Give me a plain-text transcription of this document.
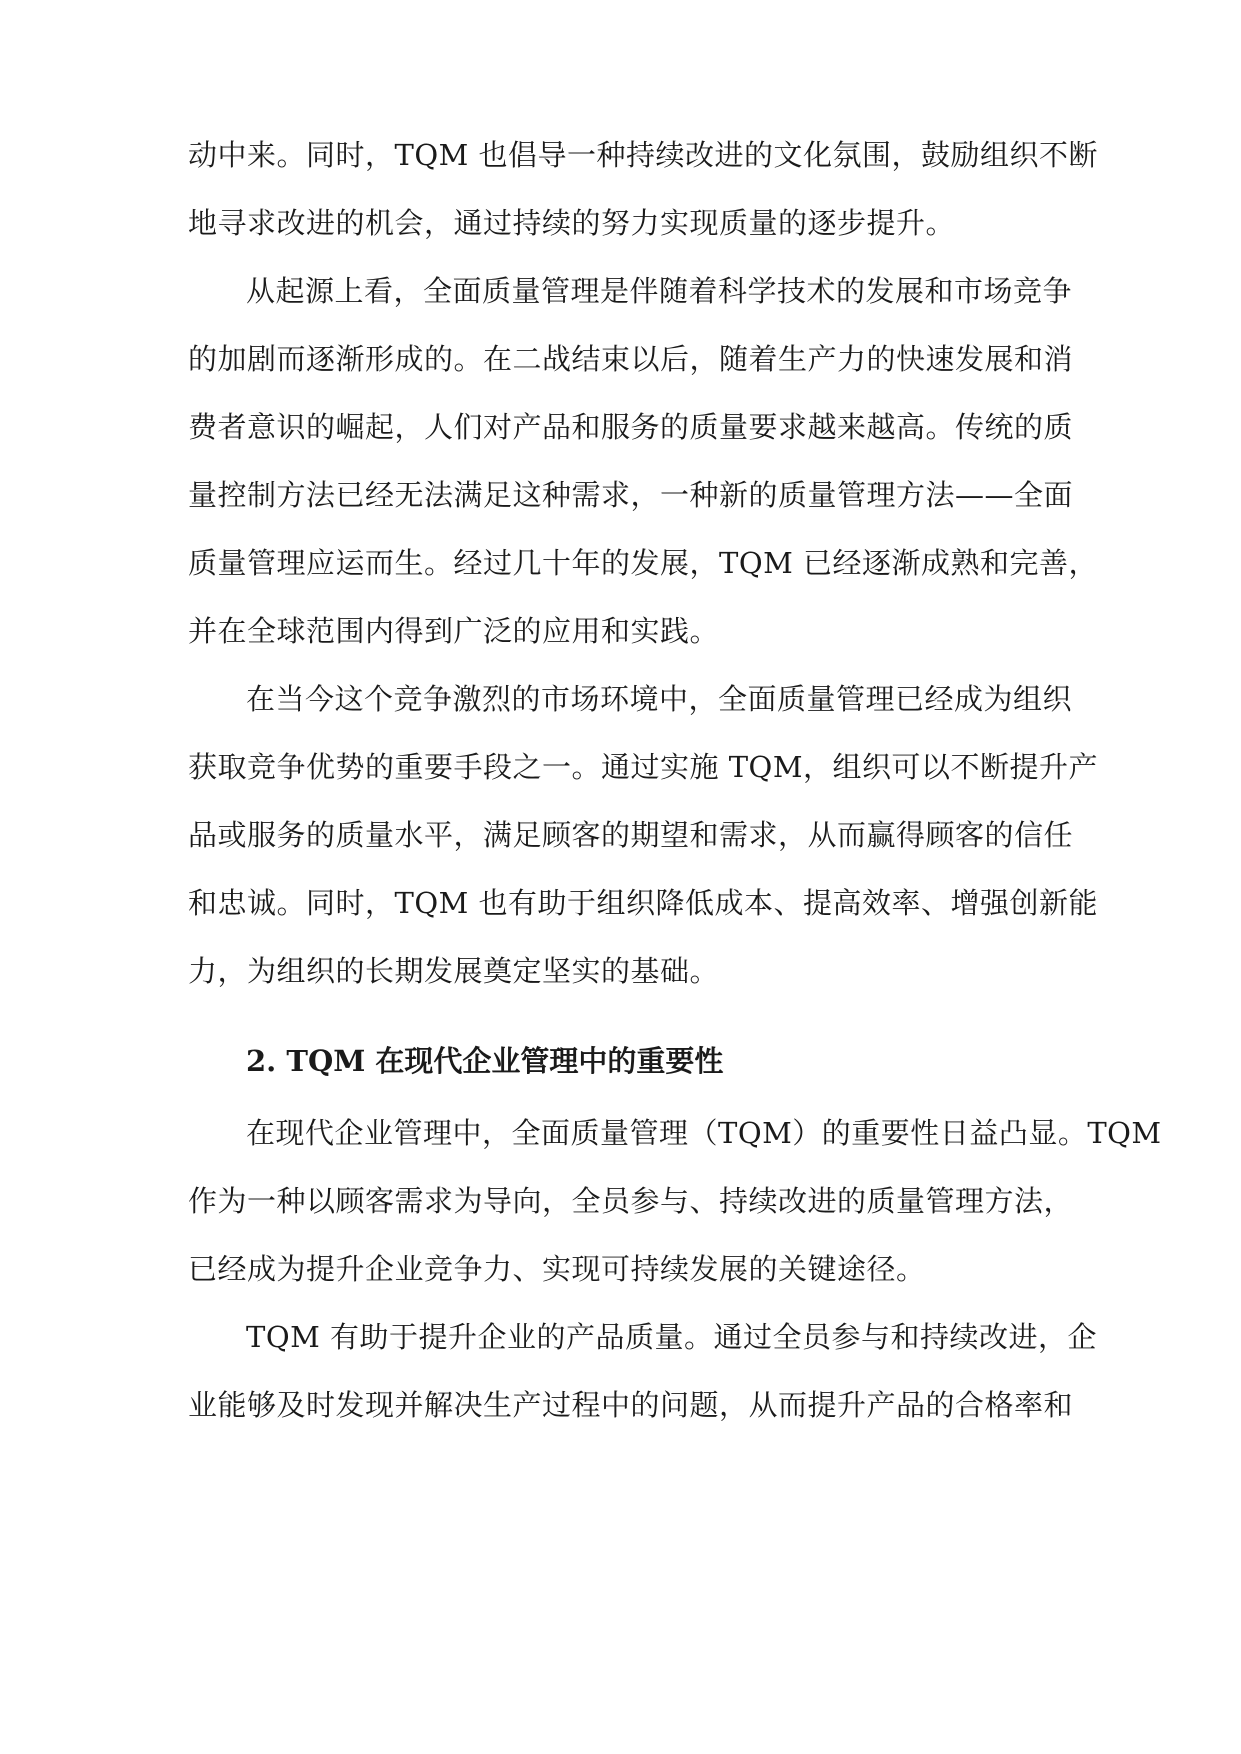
动中来。同时，TQM 也倡导一种持续改进的文化氛围，鼓励组织不断

地寻求改进的机会，通过持续的努力实现质量的逐步提升。

从起源上看，全面质量管理是伴随着科学技术的发展和市场竞争

的加剧而逐渐形成的。在二战结束以后，随着生产力的快速发展和消

费者意识的崛起，人们对产品和服务的质量要求越来越高。传统的质

量控制方法已经无法满足这种需求，一种新的质量管理方法——全面

质量管理应运而生。经过几十年的发展，TQM 已经逐渐成熟和完善，

并在全球范围内得到广泛的应用和实践。

在当今这个竞争激烈的市场环境中，全面质量管理已经成为组织

获取竞争优势的重要手段之一。通过实施 TQM，组织可以不断提升产

品或服务的质量水平，满足顾客的期望和需求，从而赢得顾客的信任

和忠诚。同时，TQM 也有助于组织降低成本、提高效率、增强创新能

力，为组织的长期发展奠定坚实的基础。

2. TQM 在现代企业管理中的重要性

在现代企业管理中，全面质量管理（TQM）的重要性日益凸显。TQM

作为一种以顾客需求为导向，全员参与、持续改进的质量管理方法，

已经成为提升企业竞争力、实现可持续发展的关键途径。

TQM 有助于提升企业的产品质量。通过全员参与和持续改进，企

业能够及时发现并解决生产过程中的问题，从而提升产品的合格率和
